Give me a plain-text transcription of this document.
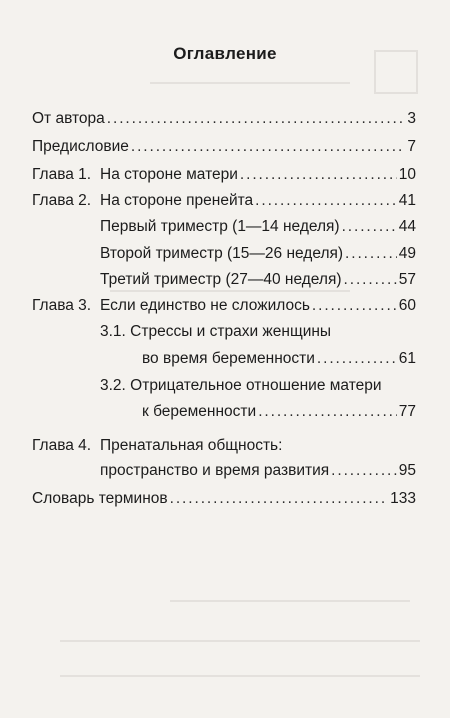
Оглавление
От автора . . .	3
Предисловие . . .	7
Глава 1. На стороне матери . . .	10
Глава 2. На стороне пренейта . . .	41
Первый триместр (1—14 неделя) . . .	44
Второй триместр (15—26 неделя) . . .	49
Третий триместр (27—40 неделя) . . .	57
Глава 3. Если единство не сложилось . . .	60
3.1. Стрессы и страхи женщины
во время беременности . . .	61
3.2. Отрицательное отношение матери
к беременности . . .	77
Глава 4. Пренатальная общность:
пространство и время развития . . .	95
Словарь терминов . . .	133
